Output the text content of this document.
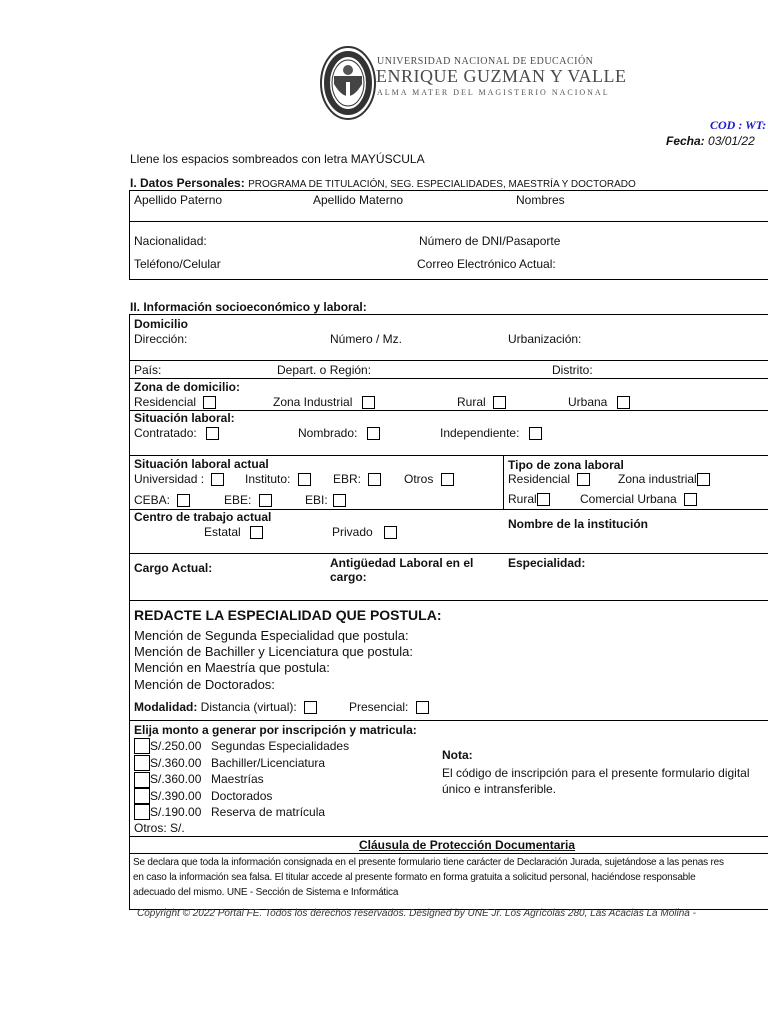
UNIVERSIDAD NACIONAL DE EDUCACIÓN
ENRIQUE GUZMAN Y VALLE
ALMA MATER DEL MAGISTERIO NACIONAL
COD : WT:
Fecha: 03/01/22
Llene los espacios sombreados con letra MAYÚSCULA
I. Datos Personales: PROGRAMA DE TITULACIÓN, SEG. ESPECIALIDADES, MAESTRÍA Y DOCTORADO
Apellido Paterno	Apellido Materno	Nombres
Nacionalidad:	Número de DNI/Pasaporte
Teléfono/Celular	Correo Electrónico Actual:
II. Información socioeconómico y laboral:
Domicilio
Dirección:	Número / Mz.	Urbanización:
País:	Depart. o Región:	Distrito:
Zona de domicilio:
Residencial	Zona Industrial	Rural	Urbana
Situación laboral:
Contratado:	Nombrado:	Independiente:
Situación laboral actual
Universidad :	Instituto:	EBR:	Otros
CEBA:	EBE:	EBI:
Tipo de zona laboral
Residencial	Zona industrial
Rural	Comercial Urbana
Centro de trabajo actual
Estatal	Privado
Nombre de la institución
Cargo Actual:	Antigüedad Laboral en el
cargo:
Especialidad:
REDACTE LA ESPECIALIDAD QUE POSTULA:
Mención de Segunda Especialidad que postula:
Mención de Bachiller y Licenciatura que postula:
Mención en Maestría que postula:
Mención de Doctorados:
Modalidad: Distancia (virtual):	Presencial:
Elija monto a generar por inscripción y matricula:
S/.250.00 Segundas Especialidades
S/.360.00 Bachiller/Licenciatura
S/.360.00 Maestrías
S/.390.00 Doctorados
S/.190.00 Reserva de matrícula
Otros: S/.
Nota:
El código de inscripción para el presente formulario digital
único e intransferible.
Cláusula de Protección Documentaria
Se declara que toda la información consignada en el presente formulario tiene carácter de Declaración Jurada, sujetándose a las penas res
en caso la información sea falsa. El titular accede al presente formato en forma gratuita a solicitud personal, haciéndose responsable
adecuado del mismo. UNE - Sección de Sistema e Informática
Copyright © 2022 Portal FE. Todos los derechos reservados. Designed by UNE Jr. Los Agrícolas 280, Las Acacias La Molina -
